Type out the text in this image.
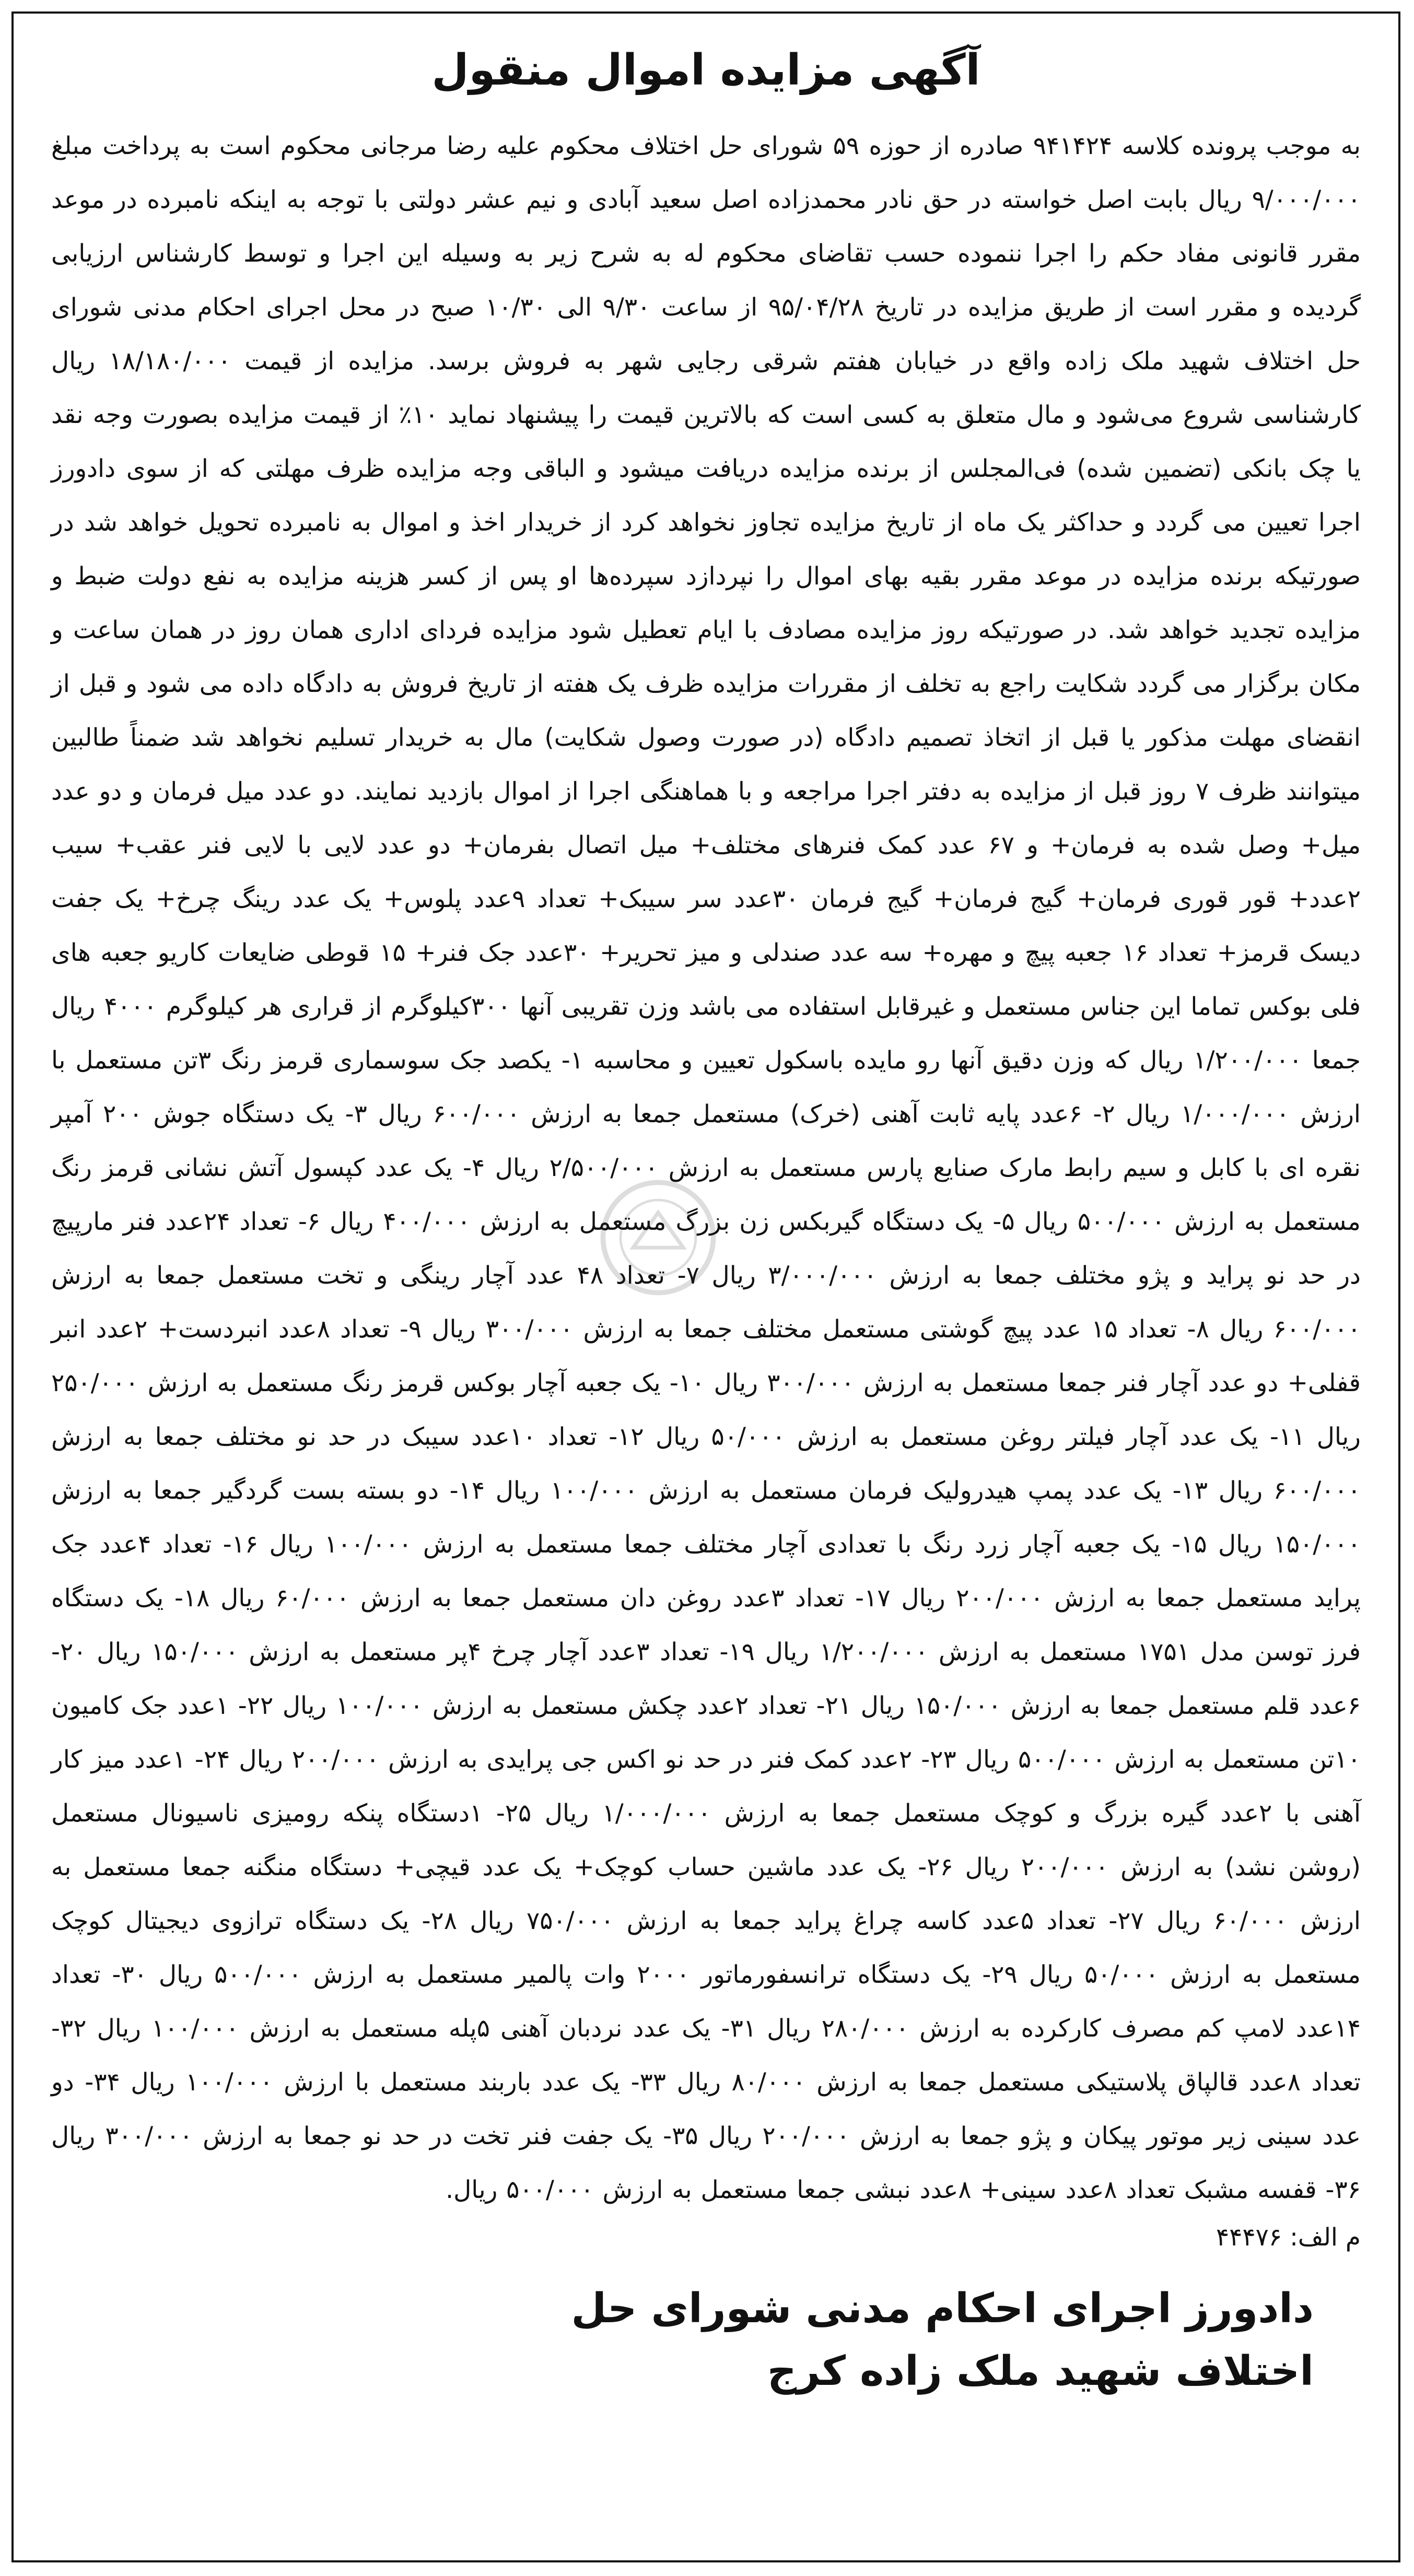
آگهی مزایده اموال منقول

به موجب پرونده کلاسه ۹۴۱۴۲۴ صادره از حوزه ۵۹ شورای حل اختلاف محکوم علیه رضا مرجانی محکوم است به پرداخت مبلغ ۹/۰۰۰/۰۰۰ ریال بابت اصل خواسته در حق نادر محمدزاده اصل سعید آبادی و نیم عشر دولتی با توجه به اینکه نامبرده در موعد مقرر قانونی مفاد حکم را اجرا ننموده حسب تقاضای محکوم له به شرح زیر به وسیله این اجرا و توسط کارشناس ارزیابی گردیده و مقرر است از طریق مزایده در تاریخ ۹۵/۰۴/۲۸ از ساعت ۹/۳۰ الی ۱۰/۳۰ صبح در محل اجرای احکام مدنی شورای حل اختلاف شهید ملک زاده واقع در خیابان هفتم شرقی رجایی شهر به فروش برسد. مزایده از قیمت ۱۸/۱۸۰/۰۰۰ ریال کارشناسی شروع می‌شود و مال متعلق به کسی است که بالاترین قیمت را پیشنهاد نماید ۱۰٪ از قیمت مزایده بصورت وجه نقد یا چک بانکی (تضمین شده) فی‌المجلس از برنده مزایده دریافت میشود و الباقی وجه مزایده ظرف مهلتی که از سوی دادورز اجرا تعیین می گردد و حداکثر یک ماه از تاریخ مزایده تجاوز نخواهد کرد از خریدار اخذ و اموال به نامبرده تحویل خواهد شد در صورتیکه برنده مزایده در موعد مقرر بقیه بهای اموال را نپردازد سپرده‌ها او پس از کسر هزینه مزایده به نفع دولت ضبط و مزایده تجدید خواهد شد. در صورتیکه روز مزایده مصادف با ایام تعطیل شود مزایده فردای اداری همان روز در همان ساعت و مکان برگزار می گردد شکایت راجع به تخلف از مقررات مزایده ظرف یک هفته از تاریخ فروش به دادگاه داده می شود و قبل از انقضای مهلت مذکور یا قبل از اتخاذ تصمیم دادگاه (در صورت وصول شکایت) مال به خریدار تسلیم نخواهد شد ضمناً طالبین میتوانند ظرف ۷ روز قبل از مزایده به دفتر اجرا مراجعه و با هماهنگی اجرا از اموال بازدید نمایند. دو عدد میل فرمان و دو عدد میل+ وصل شده به فرمان+ و ۶۷ عدد کمک فنرهای مختلف+ میل اتصال بفرمان+ دو عدد لایی با لایی فنر عقب+ سیب ۲عدد+ قور قوری فرمان+ گیج فرمان+ گیج فرمان ۳۰عدد سر سیبک+ تعداد ۹عدد پلوس+ یک عدد رینگ چرخ+ یک جفت دیسک قرمز+ تعداد ۱۶ جعبه پیچ و مهره+ سه عدد صندلی و میز تحریر+ ۳۰عدد جک فنر+ ۱۵ قوطی ضایعات کاریو جعبه های فلی بوکس تماما این جناس مستعمل و غیرقابل استفاده می باشد وزن تقریبی آنها ۳۰۰کیلوگرم از قراری هر کیلوگرم ۴۰۰۰ ریال جمعا ۱/۲۰۰/۰۰۰ ریال که وزن دقیق آنها رو مایده باسکول تعیین و محاسبه ۱- یکصد جک سوسماری قرمز رنگ ۳تن مستعمل با ارزش ۱/۰۰۰/۰۰۰ ریال ۲- ۶عدد پایه ثابت آهنی (خرک) مستعمل جمعا به ارزش ۶۰۰/۰۰۰ ریال ۳- یک دستگاه جوش ۲۰۰ آمپر نقره ای با کابل و سیم رابط مارک صنایع پارس مستعمل به ارزش ۲/۵۰۰/۰۰۰ ریال ۴- یک عدد کپسول آتش نشانی قرمز رنگ مستعمل به ارزش ۵۰۰/۰۰۰ ریال ۵- یک دستگاه گیربکس زن بزرگ مستعمل به ارزش ۴۰۰/۰۰۰ ریال ۶- تعداد ۲۴عدد فنر مارپیچ در حد نو پراید و پژو مختلف جمعا به ارزش ۳/۰۰۰/۰۰۰ ریال ۷- تعداد ۴۸ عدد آچار رینگی و تخت مستعمل جمعا به ارزش ۶۰۰/۰۰۰ ریال ۸- تعداد ۱۵ عدد پیچ گوشتی مستعمل مختلف جمعا به ارزش ۳۰۰/۰۰۰ ریال ۹- تعداد ۸عدد انبردست+ ۲عدد انبر قفلی+ دو عدد آچار فنر جمعا مستعمل به ارزش ۳۰۰/۰۰۰ ریال ۱۰- یک جعبه آچار بوکس قرمز رنگ مستعمل به ارزش ۲۵۰/۰۰۰ ریال ۱۱- یک عدد آچار فیلتر روغن مستعمل به ارزش ۵۰/۰۰۰ ریال ۱۲- تعداد ۱۰عدد سیبک در حد نو مختلف جمعا به ارزش ۶۰۰/۰۰۰ ریال ۱۳- یک عدد پمپ هیدرولیک فرمان مستعمل به ارزش ۱۰۰/۰۰۰ ریال ۱۴- دو بسته بست گردگیر جمعا به ارزش ۱۵۰/۰۰۰ ریال ۱۵- یک جعبه آچار زرد رنگ با تعدادی آچار مختلف جمعا مستعمل به ارزش ۱۰۰/۰۰۰ ریال ۱۶- تعداد ۴عدد جک پراید مستعمل جمعا به ارزش ۲۰۰/۰۰۰ ریال ۱۷- تعداد ۳عدد روغن دان مستعمل جمعا به ارزش ۶۰/۰۰۰ ریال ۱۸- یک دستگاه فرز توسن مدل ۱۷۵۱ مستعمل به ارزش ۱/۲۰۰/۰۰۰ ریال ۱۹- تعداد ۳عدد آچار چرخ ۴پر مستعمل به ارزش ۱۵۰/۰۰۰ ریال ۲۰- ۶عدد قلم مستعمل جمعا به ارزش ۱۵۰/۰۰۰ ریال ۲۱- تعداد ۲عدد چکش مستعمل به ارزش ۱۰۰/۰۰۰ ریال ۲۲- ۱عدد جک کامیون ۱۰تن مستعمل به ارزش ۵۰۰/۰۰۰ ریال ۲۳- ۲عدد کمک فنر در حد نو اکس جی پرایدی به ارزش ۲۰۰/۰۰۰ ریال ۲۴- ۱عدد میز کار آهنی با ۲عدد گیره بزرگ و کوچک مستعمل جمعا به ارزش ۱/۰۰۰/۰۰۰ ریال ۲۵- ۱دستگاه پنکه رومیزی ناسیونال مستعمل (روشن نشد) به ارزش ۲۰۰/۰۰۰ ریال ۲۶- یک عدد ماشین حساب کوچک+ یک عدد قیچی+ دستگاه منگنه جمعا مستعمل به ارزش ۶۰/۰۰۰ ریال ۲۷- تعداد ۵عدد کاسه چراغ پراید جمعا به ارزش ۷۵۰/۰۰۰ ریال ۲۸- یک دستگاه ترازوی دیجیتال کوچک مستعمل به ارزش ۵۰/۰۰۰ ریال ۲۹- یک دستگاه ترانسفورماتور ۲۰۰۰ وات پالمیر مستعمل به ارزش ۵۰۰/۰۰۰ ریال ۳۰- تعداد ۱۴عدد لامپ کم مصرف کارکرده به ارزش ۲۸۰/۰۰۰ ریال ۳۱- یک عدد نردبان آهنی ۵پله مستعمل به ارزش ۱۰۰/۰۰۰ ریال ۳۲- تعداد ۸عدد قالپاق پلاستیکی مستعمل جمعا به ارزش ۸۰/۰۰۰ ریال ۳۳- یک عدد باربند مستعمل با ارزش ۱۰۰/۰۰۰ ریال ۳۴- دو عدد سینی زیر موتور پیکان و پژو جمعا به ارزش ۲۰۰/۰۰۰ ریال ۳۵- یک جفت فنر تخت در حد نو جمعا به ارزش ۳۰۰/۰۰۰ ریال ۳۶- قفسه مشبک تعداد ۸عدد سینی+ ۸عدد نبشی جمعا مستعمل به ارزش ۵۰۰/۰۰۰ ریال.

م الف: ۴۴۴۷۶

دادورز اجرای احکام مدنی شورای حل
اختلاف شهید ملک زاده کرج
